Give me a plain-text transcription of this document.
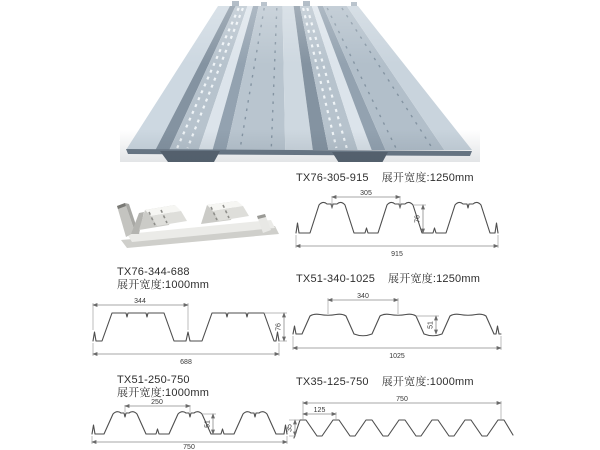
TX76-305-915 展开宽度:1250mm
TX76-344-688
展开宽度:1000mm	TX51-340-1025 展开宽度:1250mm
TX51-250-750
展开宽度:1000mm
TX35-125-750 展开宽度:1000mm
305
76
915
344
76
688
340
51
1025
250
51
750
750
125
35
